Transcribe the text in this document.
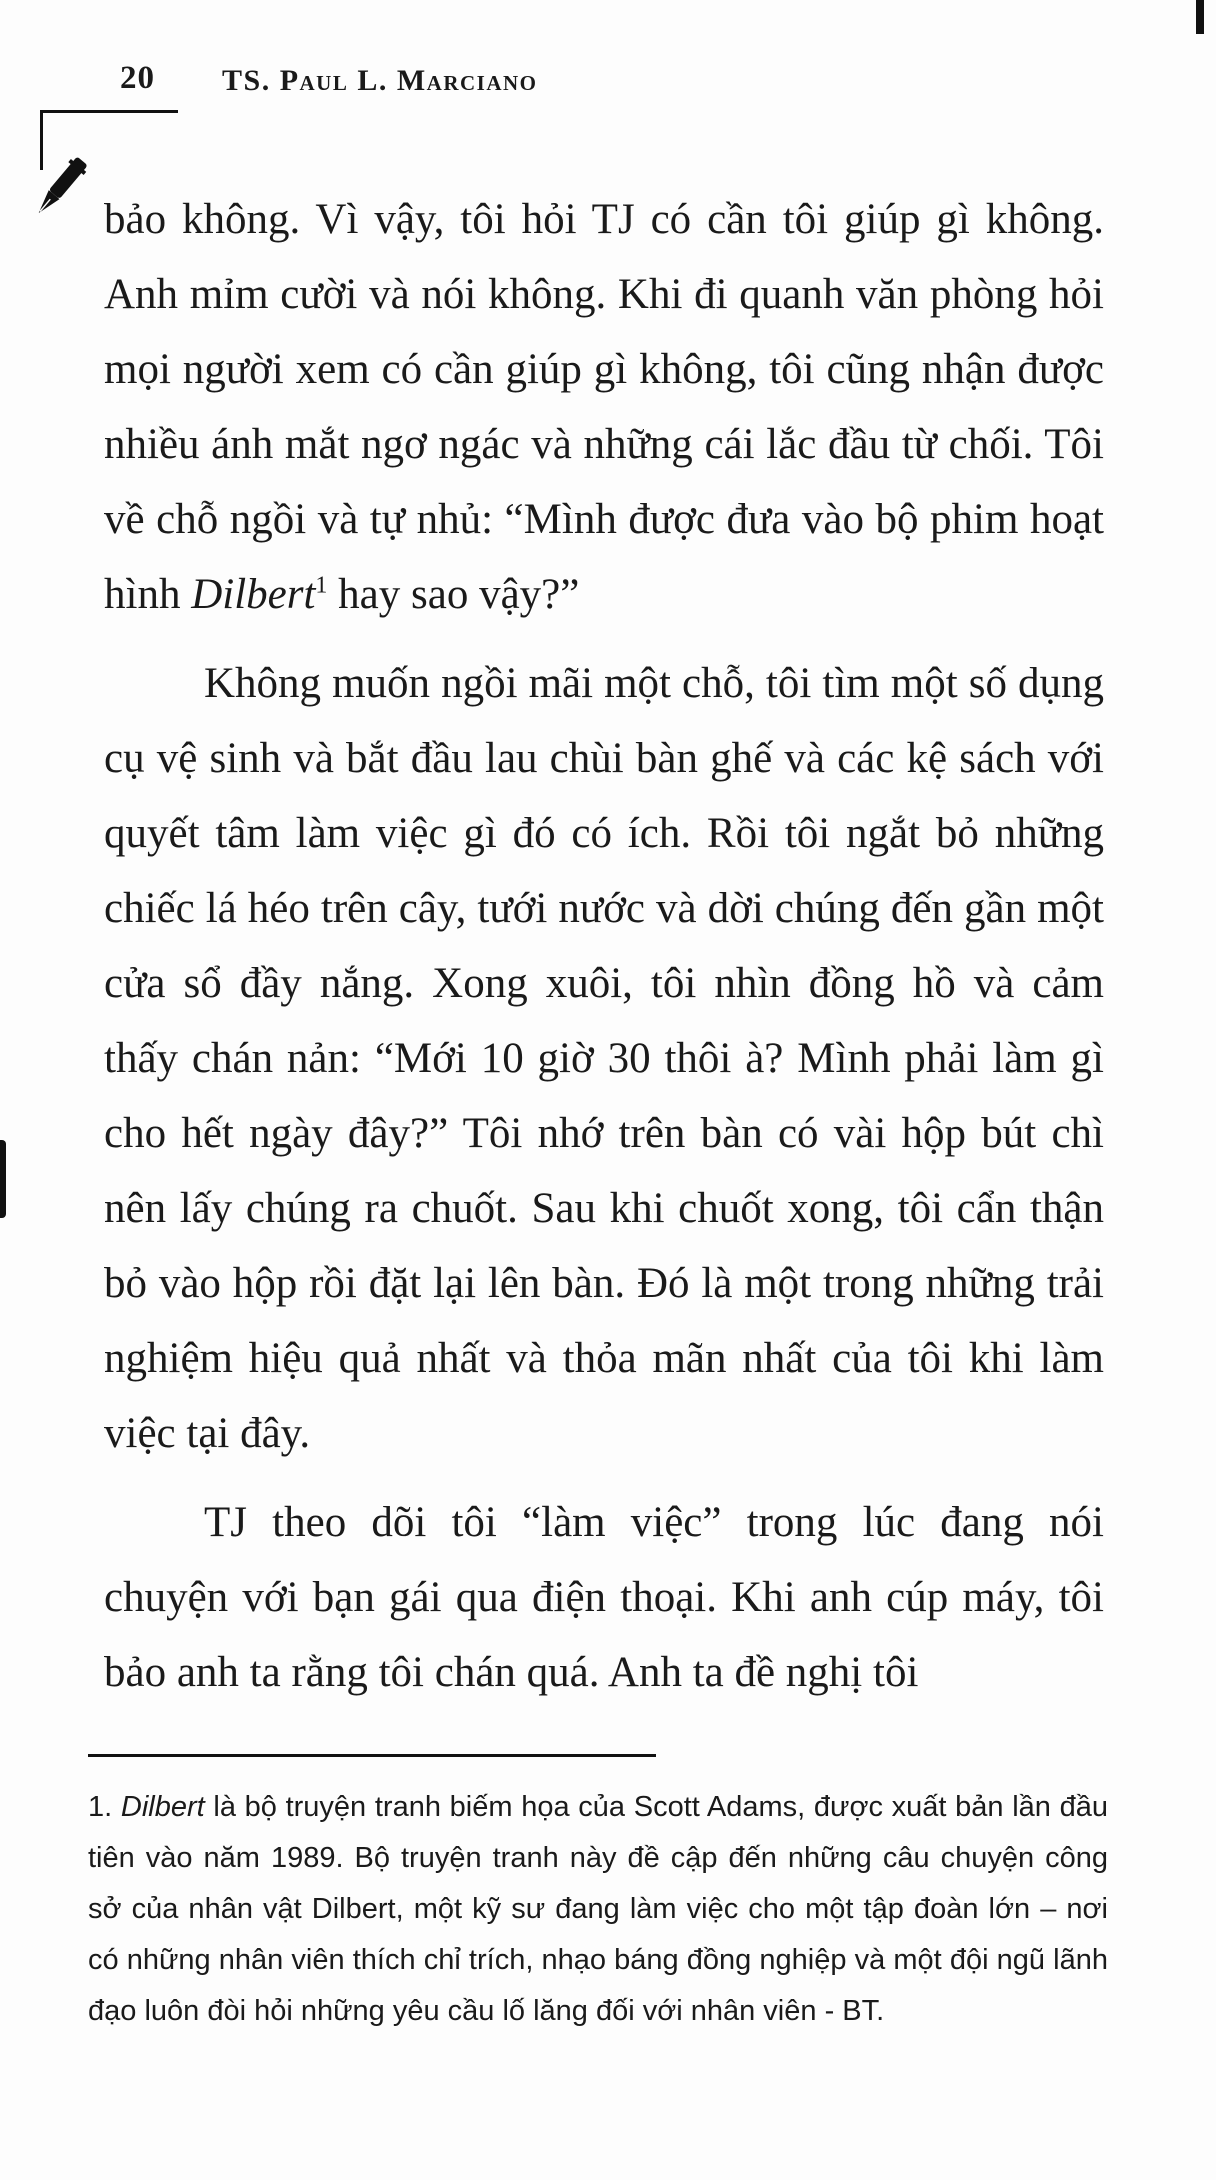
20 TS. Paul L. Marciano

bảo không. Vì vậy, tôi hỏi TJ có cần tôi giúp gì không. Anh mỉm cười và nói không. Khi đi quanh văn phòng hỏi mọi người xem có cần giúp gì không, tôi cũng nhận được nhiều ánh mắt ngơ ngác và những cái lắc đầu từ chối. Tôi về chỗ ngồi và tự nhủ: “Mình được đưa vào bộ phim hoạt hình Dilbert$^1$ hay sao vậy?”

Không muốn ngồi mãi một chỗ, tôi tìm một số dụng cụ vệ sinh và bắt đầu lau chùi bàn ghế và các kệ sách với quyết tâm làm việc gì đó có ích. Rồi tôi ngắt bỏ những chiếc lá héo trên cây, tưới nước và dời chúng đến gần một cửa sổ đầy nắng. Xong xuôi, tôi nhìn đồng hồ và cảm thấy chán nản: “Mới 10 giờ 30 thôi à? Mình phải làm gì cho hết ngày đây?” Tôi nhớ trên bàn có vài hộp bút chì nên lấy chúng ra chuốt. Sau khi chuốt xong, tôi cẩn thận bỏ vào hộp rồi đặt lại lên bàn. Đó là một trong những trải nghiệm hiệu quả nhất và thỏa mãn nhất của tôi khi làm việc tại đây.

TJ theo dõi tôi “làm việc” trong lúc đang nói chuyện với bạn gái qua điện thoại. Khi anh cúp máy, tôi bảo anh ta rằng tôi chán quá. Anh ta đề nghị tôi

1. Dilbert là bộ truyện tranh biếm họa của Scott Adams, được xuất bản lần đầu tiên vào năm 1989. Bộ truyện tranh này đề cập đến những câu chuyện công sở của nhân vật Dilbert, một kỹ sư đang làm việc cho một tập đoàn lớn – nơi có những nhân viên thích chỉ trích, nhạo báng đồng nghiệp và một đội ngũ lãnh đạo luôn đòi hỏi những yêu cầu lố lăng đối với nhân viên - BT.
